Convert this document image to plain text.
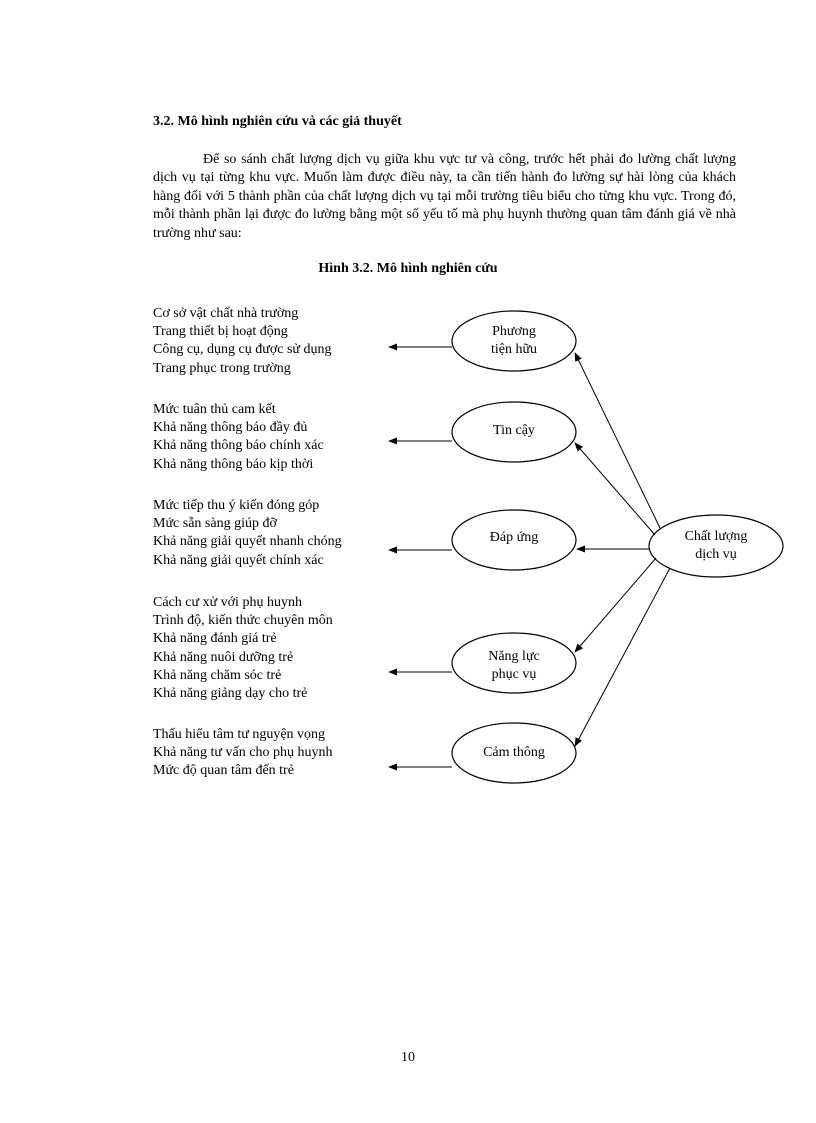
3.2. Mô hình nghiên cứu và các giả thuyết

Để so sánh chất lượng dịch vụ giữa khu vực tư và công, trước hết phải đo lường chất lượng dịch vụ tại từng khu vực. Muốn làm được điều này, ta cần tiến hành đo lường sự hài lòng của khách hàng đối với 5 thành phần của chất lượng dịch vụ tại mỗi trường tiêu biểu cho từng khu vực. Trong đó, mỗi thành phần lại được đo lường bằng một số yếu tố mà phụ huynh thường quan tâm đánh giá về nhà trường như sau:

Hình 3.2. Mô hình nghiên cứu
Cơ sở vật chất nhà trường
Trang thiết bị hoạt động
Công cụ, dụng cụ được sử dụng
Trang phục trong trường
Mức tuân thủ cam kết
Khả năng thông báo đầy đủ
Khả năng thông báo chính xác
Khả năng thông báo kịp thời
Mức tiếp thu ý kiến đóng góp
Mức sẵn sàng giúp đỡ
Khả năng giải quyết nhanh chóng
Khả năng giải quyết chính xác
Cách cư xử với phụ huynh
Trình độ, kiến thức chuyên môn
Khả năng đánh giá trẻ
Khả năng nuôi dưỡng trẻ
Khả năng chăm sóc trẻ
Khả năng giảng dạy cho trẻ
Thấu hiểu tâm tư nguyện vọng
Khả năng tư vấn cho phụ huynh
Mức độ quan tâm đến trẻ
Phương
tiện hữu
Tin cậy
Đáp ứng
Năng lực
phục vụ
Cảm thông
Chất lượng
dịch vụ
10
